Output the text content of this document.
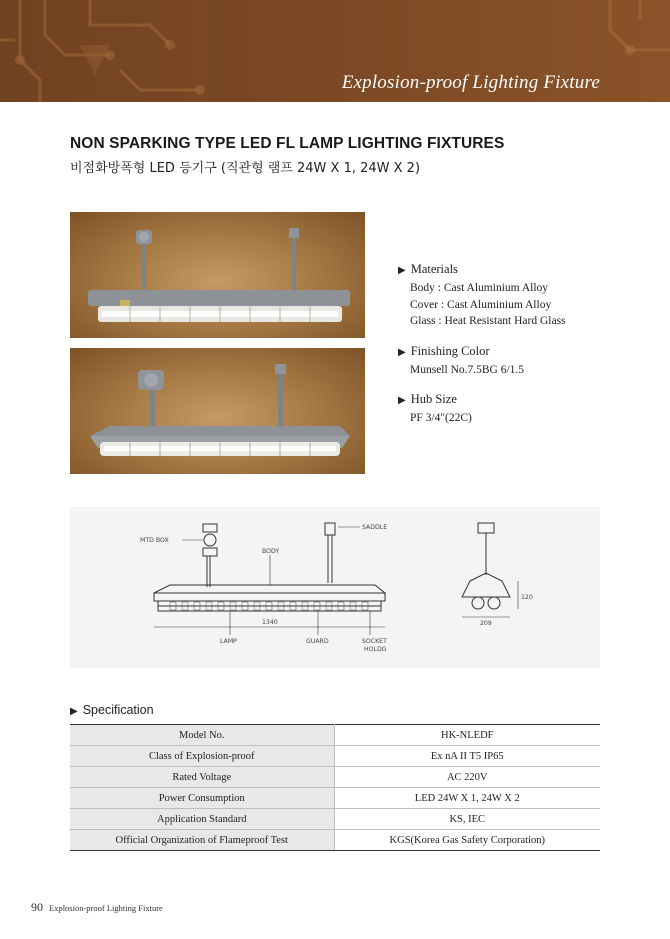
Explosion-proof Lighting Fixture
NON SPARKING TYPE LED FL LAMP LIGHTING FIXTURES
비점화방폭형 LED 등기구 (직관형 램프 24W X 1, 24W X 2)
▶ Materials
Body : Cast Aluminium Alloy
Cover : Cast Aluminium Alloy
Glass : Heat Resistant Hard Glass
▶ Finishing Color
Munsell No.7.5BG 6/1.5
▶ Hub Size
PF 3/4"(22C)
MTD BOX
SADDLE
BODY
1340
LAMP	GUARD	SOCKET
HOLDG
209
120
▶ Specification
Model No.	HK-NLEDF
Class of Explosion-proof	Ex nA II T5 IP65
Rated Voltage	AC 220V
Power Consumption	LED 24W X 1, 24W X 2
Application Standard	KS, IEC
Official Organization of Flameproof Test	KGS(Korea Gas Safety Corporation)
90 Explosion-proof Lighting Fixture
